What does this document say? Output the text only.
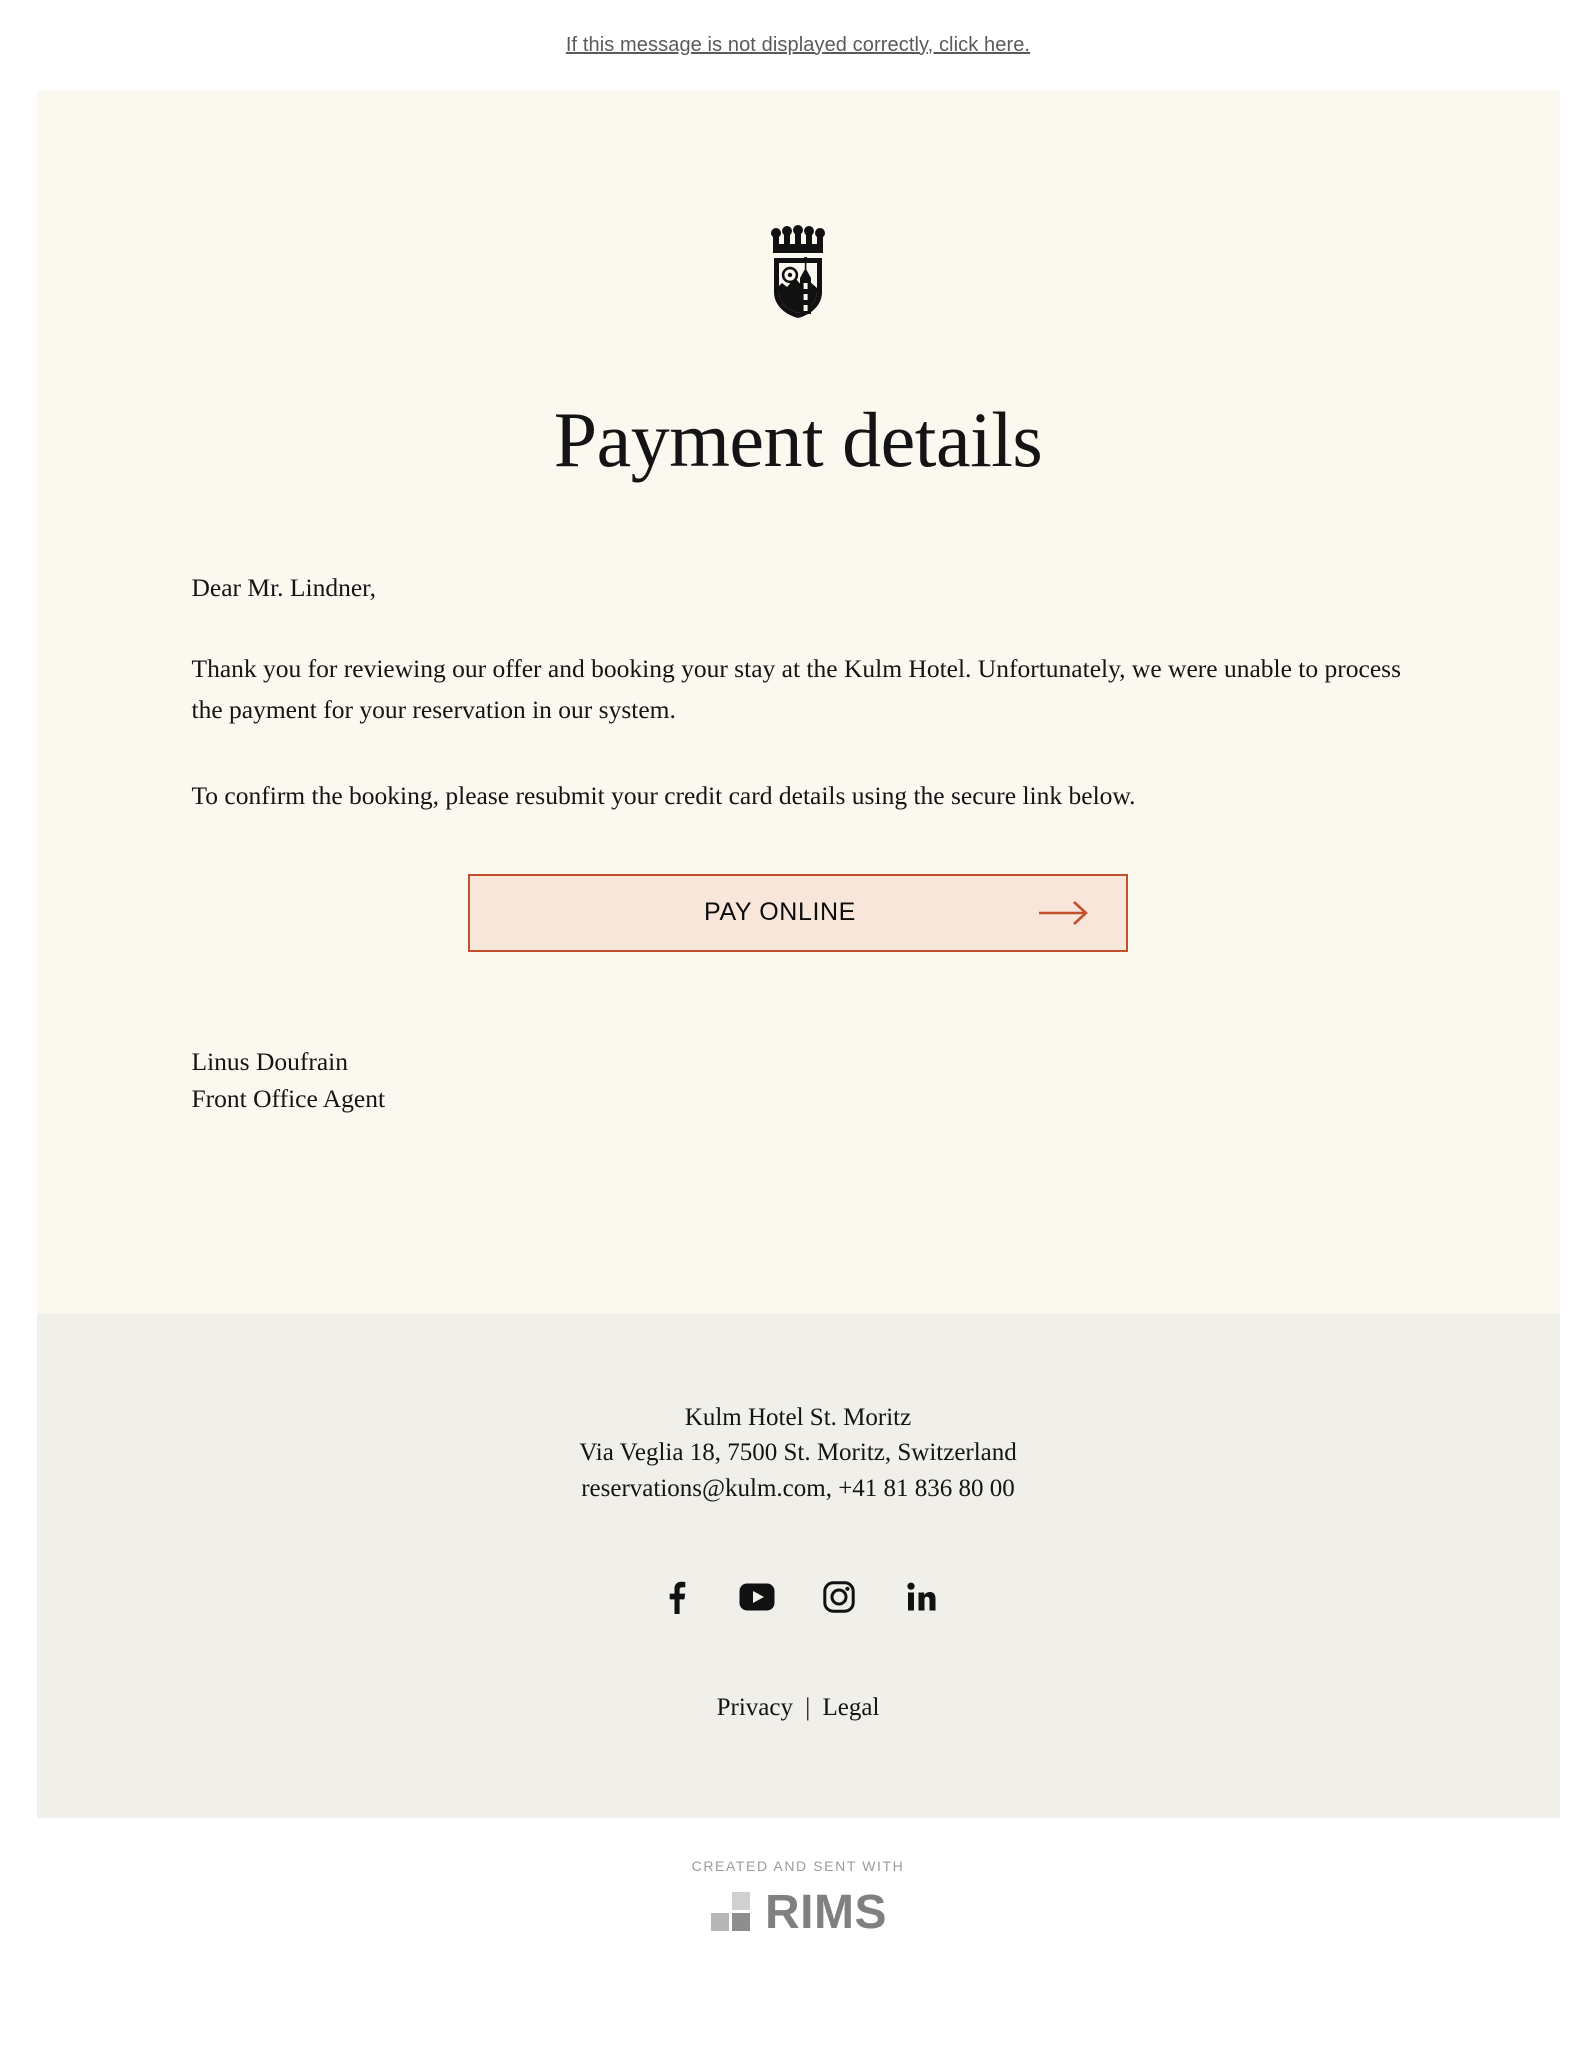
If this message is not displayed correctly, click here.
Payment details

Dear Mr. Lindner,

Thank you for reviewing our offer and booking your stay at the Kulm Hotel. Unfortunately, we were unable to process the payment for your reservation in our system.

To confirm the booking, please resubmit your credit card details using the secure link below.

PAY ONLINE
Linus Doufrain
Front Office Agent
Kulm Hotel St. Moritz
Via Veglia 18, 7500 St. Moritz, Switzerland
reservations@kulm.com, +41 81 836 80 00
Privacy | Legal
CREATED AND SENT WITH
RIMS
